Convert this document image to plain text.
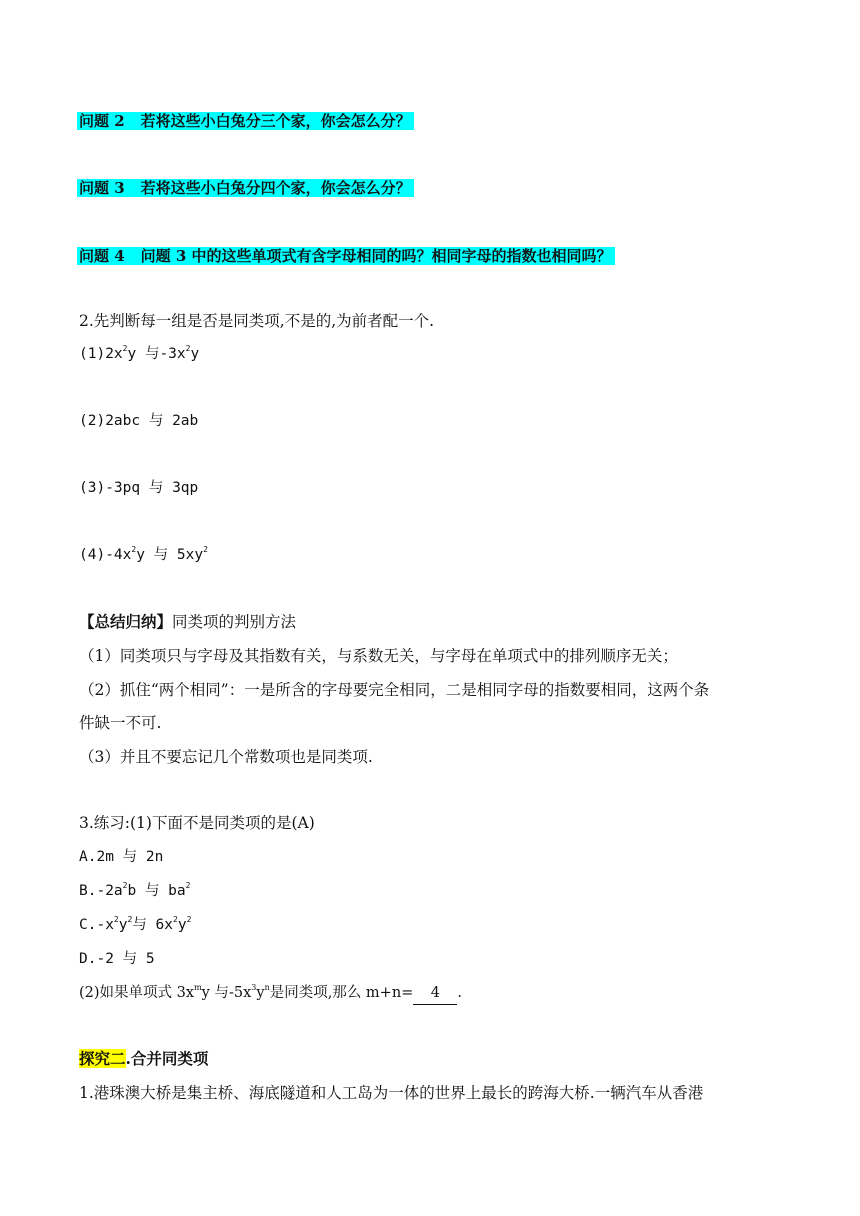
问题 2 若将这些小白兔分三个家，你会怎么分？
问题 3 若将这些小白兔分四个家，你会怎么分？
问题 4 问题 3 中的这些单项式有含字母相同的吗？相同字母的指数也相同吗？
2.先判断每一组是否是同类项,不是的,为前者配一个.
$(1)2x^2y$ 与$-3x^2y$
(2)2abc 与 2ab
(3)-3pq 与 3qp
$(4)-4x^2y$ 与 $5xy^2$
【总结归纳】同类项的判别方法
（1）同类项只与字母及其指数有关，与系数无关，与字母在单项式中的排列顺序无关；
（2）抓住“两个相同”：一是所含的字母要完全相同，二是相同字母的指数要相同，这两个条
件缺一不可.
（3）并且不要忘记几个常数项也是同类项.
3.练习:(1)下面不是同类项的是(A)
A.2m 与 2n
$B.-2a^2b$ 与 $ba^2$
$C.-x^2y^2$与 $6x^2y^2$
D.-2 与 5
(2)如果单项式 $3x^my$ 与$-5x^3y^n$是同类项,那么 m+n= 4 .
探究二.合并同类项
1.港珠澳大桥是集主桥、海底隧道和人工岛为一体的世界上最长的跨海大桥.一辆汽车从香港
